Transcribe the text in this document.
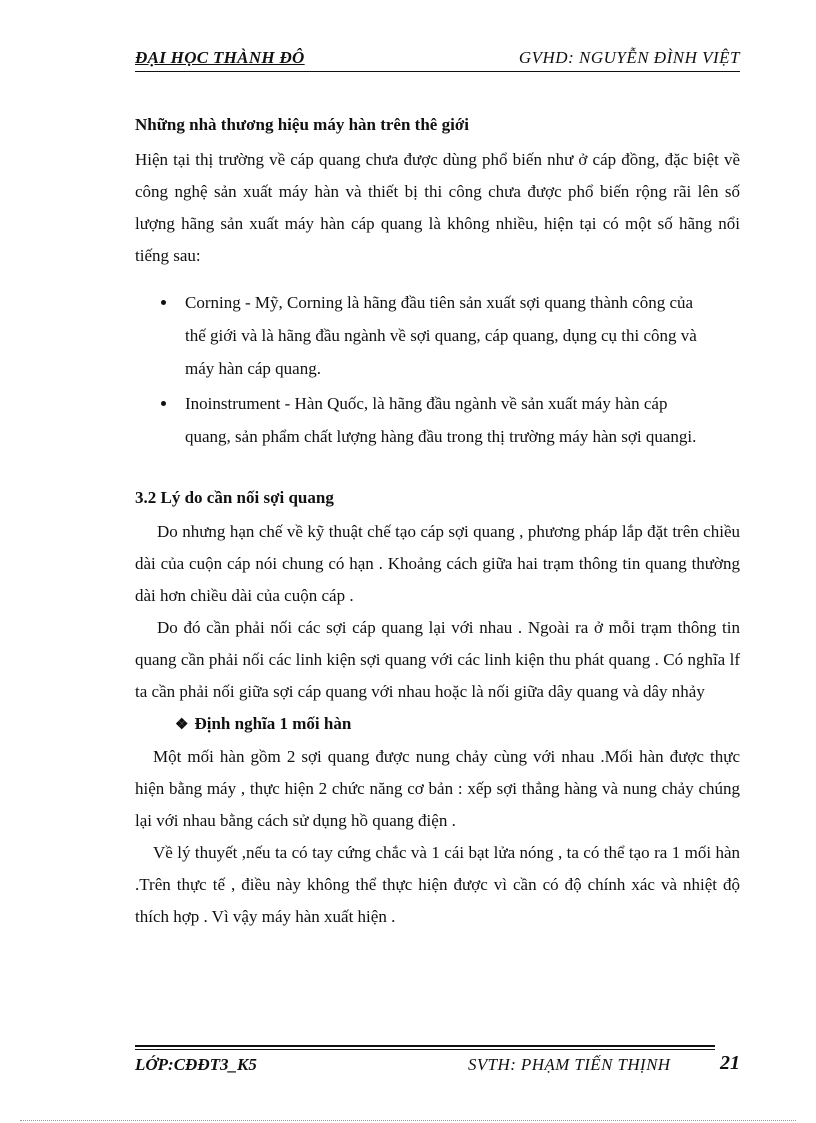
ĐẠI HỌC THÀNH ĐÔ	GVHD: NGUYỄN ĐÌNH VIỆT

Những nhà thương hiệu máy hàn trên thê giới

Hiện tại thị trường về cáp quang chưa được dùng phổ biến như ở cáp đồng, đặc biệt về công nghệ sản xuất máy hàn và thiết bị thi công chưa được phổ biến rộng rãi lên số lượng hãng sản xuất máy hàn cáp quang là không nhiều, hiện tại có một số hãng nổi tiếng sau:

Corning - Mỹ, Corning là hãng đầu tiên sản xuất sợi quang thành công của thế giới và là hãng đầu ngành về sợi quang, cáp quang, dụng cụ thi công và máy hàn cáp quang.
Inoinstrument - Hàn Quốc, là hãng đầu ngành về sản xuất máy hàn cáp quang, sản phẩm chất lượng hàng đầu trong thị trường máy hàn sợi quangi.

3.2 Lý do cần nối sợi quang

Do nhưng hạn chế về kỹ thuật chế tạo cáp sợi quang , phương pháp lắp đặt trên chiều dài của cuộn cáp nói chung có hạn . Khoảng cách giữa hai trạm thông tin quang thường dài hơn chiều dài của cuộn cáp .

Do đó cần phải nối các sợi cáp quang lại với nhau . Ngoài ra ở mỗi trạm thông tin quang cần phải nối các linh kiện sợi quang với các linh kiện thu phát quang . Có nghĩa lf ta cần phải nối giữa sợi cáp quang với nhau hoặc là nối giữa dây quang và dây nhảy

❖ Định nghĩa 1 mối hàn

Một mối hàn gồm 2 sợi quang được nung chảy cùng với nhau .Mối hàn được thực hiện bằng máy , thực hiện 2 chức năng cơ bản : xếp sợi thẳng hàng và nung chảy chúng lại với nhau bằng cách sử dụng hồ quang điện .

Về lý thuyết ,nếu ta có tay cứng chắc và 1 cái bạt lửa nóng , ta có thể tạo ra 1 mối hàn .Trên thực tế , điều này không thể thực hiện được vì cần có độ chính xác và nhiệt độ thích hợp . Vì vậy máy hàn xuất hiện .

LỚP:CĐĐT3_K5	SVTH: PHẠM TIẾN THỊNH 21
